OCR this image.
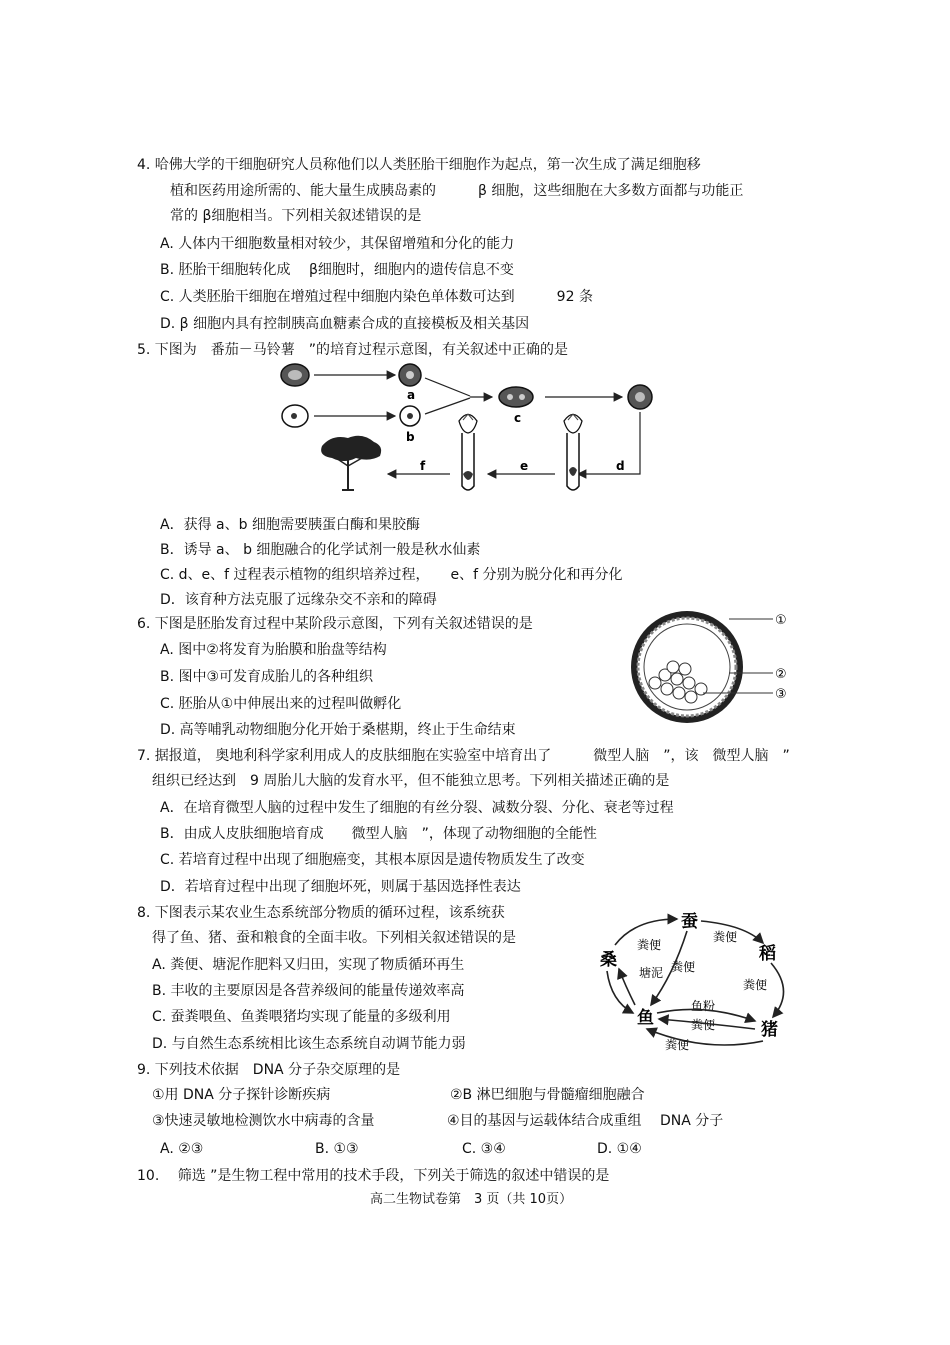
4. 哈佛大学的干细胞研究人员称他们以人类胚胎干细胞作为起点，第一次生成了满足细胞移
植和医药用途所需的、能大量生成胰岛素的　　　β 细胞，这些细胞在大多数方面都与功能正
常的 β细胞相当。下列相关叙述错误的是
A. 人体内干细胞数量相对较少，其保留增殖和分化的能力
B. 胚胎干细胞转化成　 β细胞时，细胞内的遗传信息不变
C. 人类胚胎干细胞在增殖过程中细胞内染色单体数可达到　　　92 条
D. β 细胞内具有控制胰高血糖素合成的直接模板及相关基因
5. 下图为　番茄－马铃薯　”的培育过程示意图，有关叙述中正确的是
a
b
c
d
e
f
A．获得 a、b 细胞需要胰蛋白酶和果胶酶
B．诱导 a、 b 细胞融合的化学试剂一般是秋水仙素
C. d、e、f 过程表示植物的组织培养过程，　　e、f 分别为脱分化和再分化
D．该育种方法克服了远缘杂交不亲和的障碍
6. 下图是胚胎发育过程中某阶段示意图，下列有关叙述错误的是
A. 图中②将发育为胎膜和胎盘等结构
B. 图中③可发育成胎儿的各种组织
C. 胚胎从①中伸展出来的过程叫做孵化
D. 高等哺乳动物细胞分化开始于桑椹期，终止于生命结束
①
②
③
7. 据报道， 奥地利科学家利用成人的皮肤细胞在实验室中培育出了　　　微型人脑　”，该　微型人脑　”
组织已经达到　9 周胎儿大脑的发育水平，但不能独立思考。下列相关描述正确的是
A．在培育微型人脑的过程中发生了细胞的有丝分裂、减数分裂、分化、衰老等过程
B．由成人皮肤细胞培育成　　微型人脑　”，体现了动物细胞的全能性
C. 若培育过程中出现了细胞癌变，其根本原因是遗传物质发生了改变
D．若培育过程中出现了细胞坏死，则属于基因选择性表达
8. 下图表示某农业生态系统部分物质的循环过程，该系统获
得了鱼、猪、蚕和粮食的全面丰收。下列相关叙述错误的是
A. 粪便、塘泥作肥料又归田，实现了物质循环再生
B. 丰收的主要原因是各营养级间的能量传递效率高
C. 蚕粪喂鱼、鱼粪喂猪均实现了能量的多级利用
D. 与自然生态系统相比该生态系统自动调节能力弱
蚕
稻
桑
鱼
猪
粪便
粪便
粪便
塘泥
粪便
鱼粉
粪便
粪便
9. 下列技术依据　DNA 分子杂交原理的是
①用 DNA 分子探针诊断疾病	②B 淋巴细胞与骨髓瘤细胞融合
③快速灵敏地检测饮水中病毒的含量	④目的基因与运载体结合成重组　 DNA 分子
A. ②③	B. ①③	C. ③④	D. ①④
10.　 筛选 ”是生物工程中常用的技术手段，下列关于筛选的叙述中错误的是
高二生物试卷第　3 页（共 10页）
